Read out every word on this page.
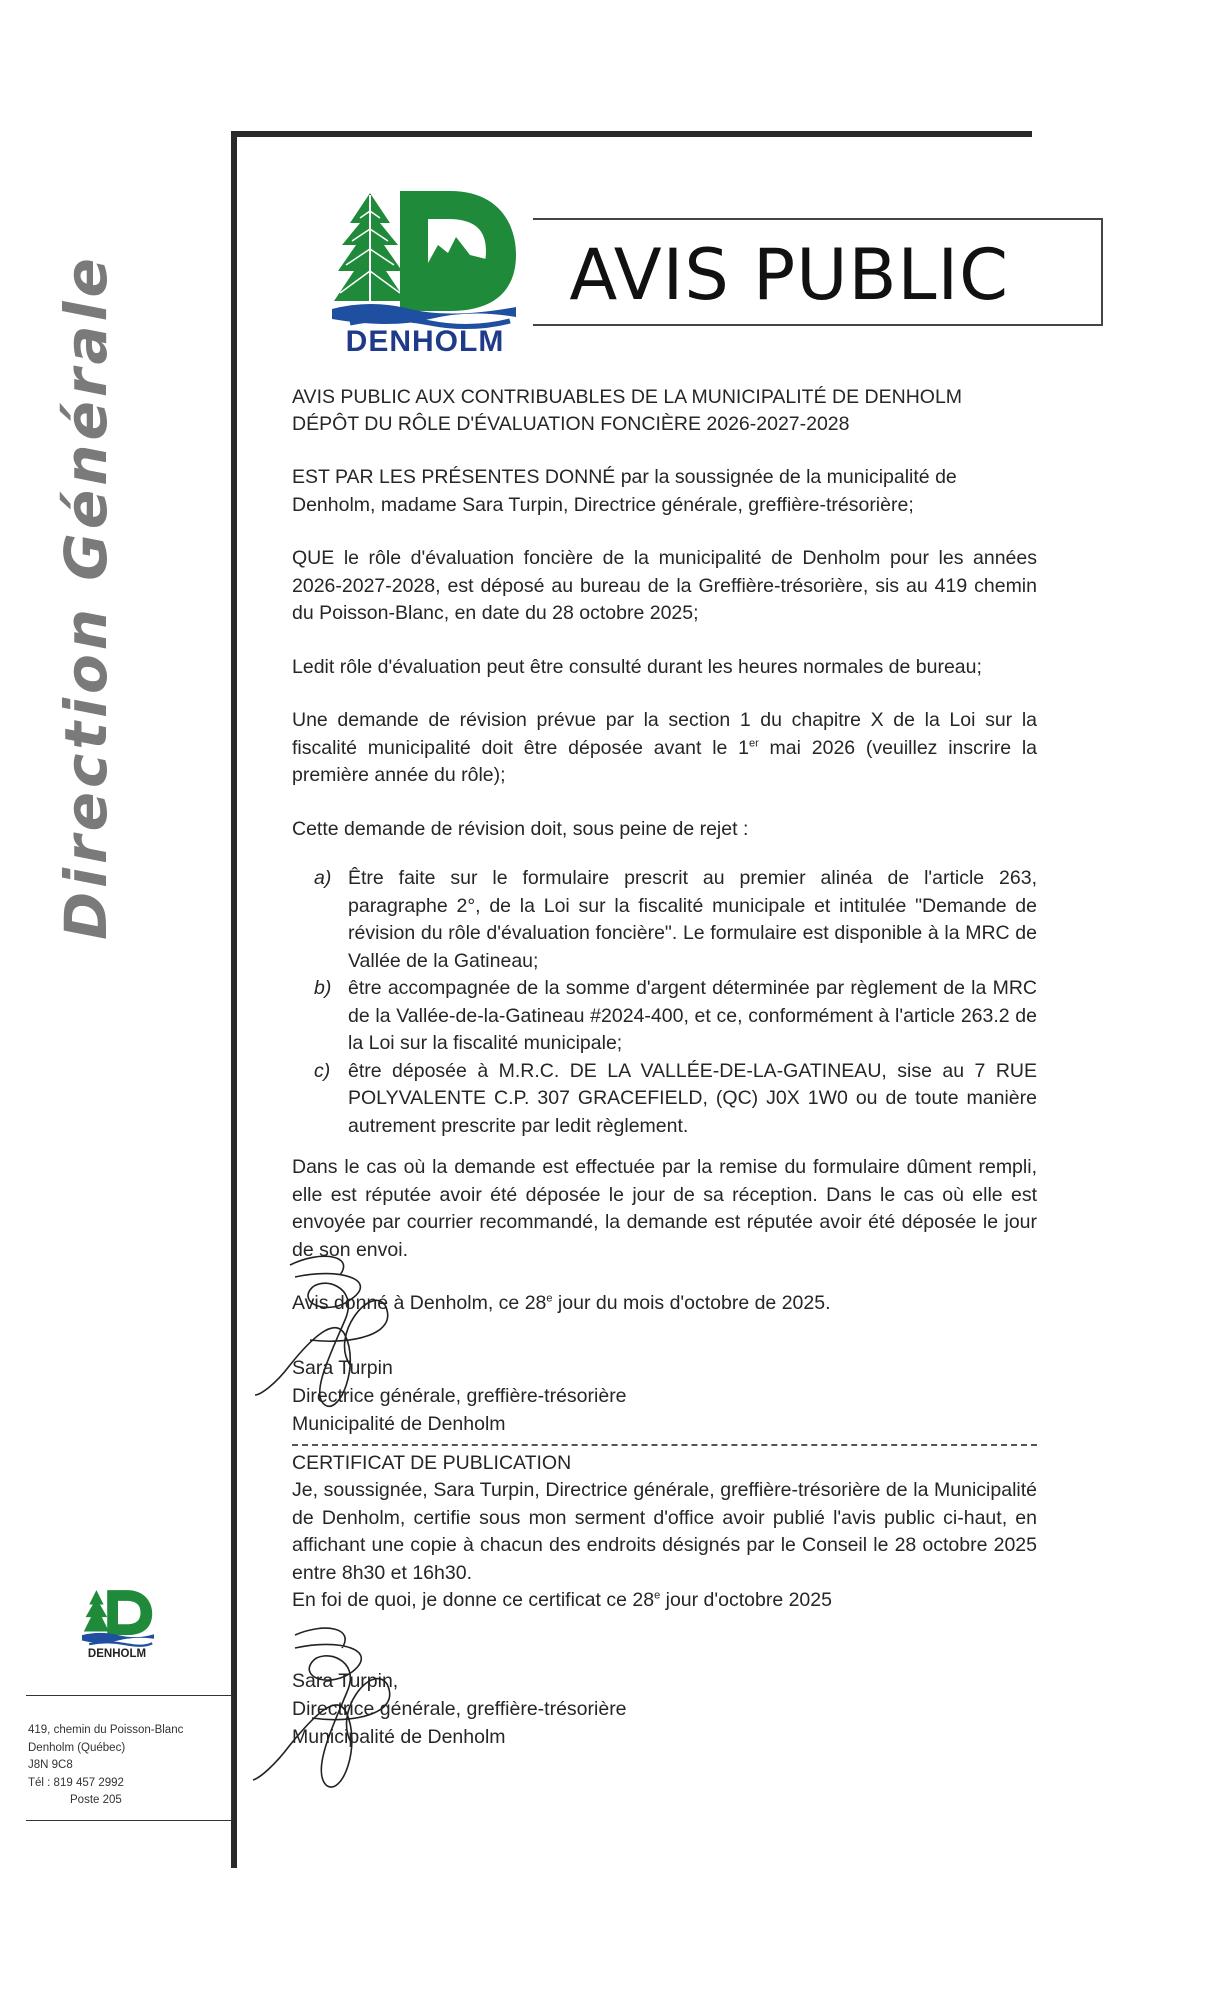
Direction Générale	DENHOLM
AVIS PUBLIC

AVIS PUBLIC AUX CONTRIBUABLES DE LA MUNICIPALITÉ DE DENHOLM

DÉPÔT DU RÔLE D'ÉVALUATION FONCIÈRE 2026-2027-2028

EST PAR LES PRÉSENTES DONNÉ par la soussignée de la municipalité de Denholm, madame Sara Turpin, Directrice générale, greffière-trésorière;

QUE le rôle d'évaluation foncière de la municipalité de Denholm pour les années 2026-2027-2028, est déposé au bureau de la Greffière-trésorière, sis au 419 chemin du Poisson-Blanc, en date du 28 octobre 2025;

Ledit rôle d'évaluation peut être consulté durant les heures normales de bureau;

Une demande de révision prévue par la section 1 du chapitre X de la Loi sur la fiscalité municipalité doit être déposée avant le 1er mai 2026 (veuillez inscrire la première année du rôle);

Cette demande de révision doit, sous peine de rejet :

a) Être faite sur le formulaire prescrit au premier alinéa de l'article 263, paragraphe 2°, de la Loi sur la fiscalité municipale et intitulée "Demande de révision du rôle d'évaluation foncière". Le formulaire est disponible à la MRC de Vallée de la Gatineau;
b) être accompagnée de la somme d'argent déterminée par règlement de la MRC de la Vallée-de-la-Gatineau #2024-400, et ce, conformément à l'article 263.2 de la Loi sur la fiscalité municipale;
c) être déposée à M.R.C. DE LA VALLÉE-DE-LA-GATINEAU, sise au 7 RUE POLYVALENTE C.P. 307 GRACEFIELD, (QC) J0X 1W0 ou de toute manière autrement prescrite par ledit règlement.

Dans le cas où la demande est effectuée par la remise du formulaire dûment rempli, elle est réputée avoir été déposée le jour de sa réception. Dans le cas où elle est envoyée par courrier recommandé, la demande est réputée avoir été déposée le jour de son envoi.

Avis donné à Denholm, ce 28e jour du mois d'octobre de 2025.

Sara Turpin

Directrice générale, greffière-trésorière

Municipalité de Denholm

CERTIFICAT DE PUBLICATION

Je, soussignée, Sara Turpin, Directrice générale, greffière-trésorière de la Municipalité de Denholm, certifie sous mon serment d'office avoir publié l'avis public ci-haut, en affichant une copie à chacun des endroits désignés par le Conseil le 28 octobre 2025 entre 8h30 et 16h30.

En foi de quoi, je donne ce certificat ce 28e jour d'octobre 2025

Sara Turpin,

Directrice générale, greffière-trésorière

Municipalité de Denholm

DENHOLM
419, chemin du Poisson-Blanc
Denholm (Québec)
J8N 9C8
Tél : 819 457 2992
Poste 205
